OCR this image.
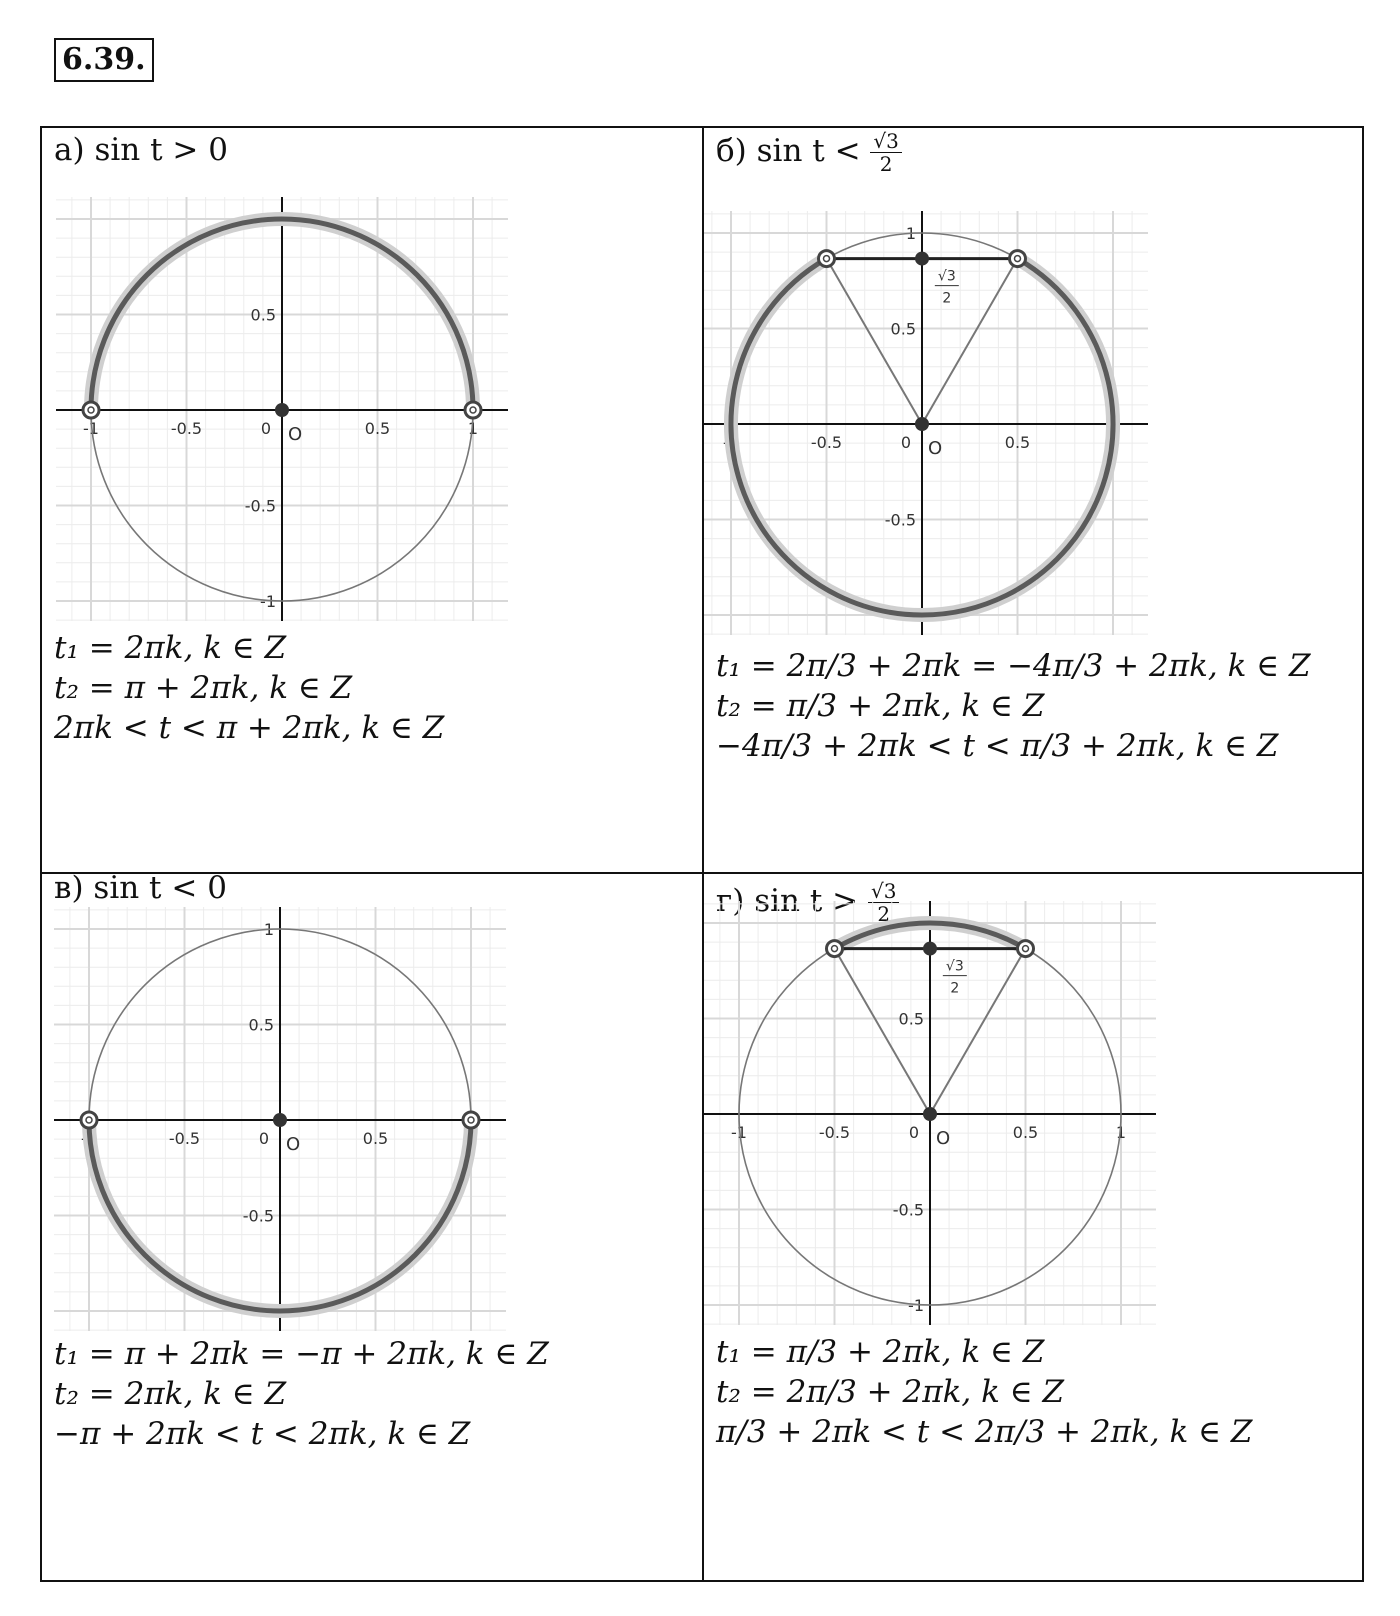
6.39.
а) sin t > 0
-1	-0.5	0	0.5	1
1
0.5
-0.5
-1
O
t₁ = 2πk, k ∈ Z
t₂ = π + 2πk, k ∈ Z
2πk < t < π + 2πk, k ∈ Z
б) $\sin t < \frac{√3}{2}$
-1	-0.5	0	0.5	1
1
0.5
-0.5
-1
O
√3
2
t₁ = 2π/3 + 2πk = −4π/3 + 2πk, k ∈ Z
t₂ = π/3 + 2πk, k ∈ Z
−4π/3 + 2πk < t < π/3 + 2πk, k ∈ Z
в) sin t < 0
-1	-0.5	0	0.5	1
1
0.5
-0.5
-1
O
t₁ = π + 2πk = −π + 2πk, k ∈ Z
t₂ = 2πk, k ∈ Z
−π + 2πk < t < 2πk, k ∈ Z
г) $\sin t > \frac{√3}{2}$
-1	-0.5	0	0.5	1
1
0.5
-0.5
-1
O
√3
2
t₁ = π/3 + 2πk, k ∈ Z
t₂ = 2π/3 + 2πk, k ∈ Z
π/3 + 2πk < t < 2π/3 + 2πk, k ∈ Z
